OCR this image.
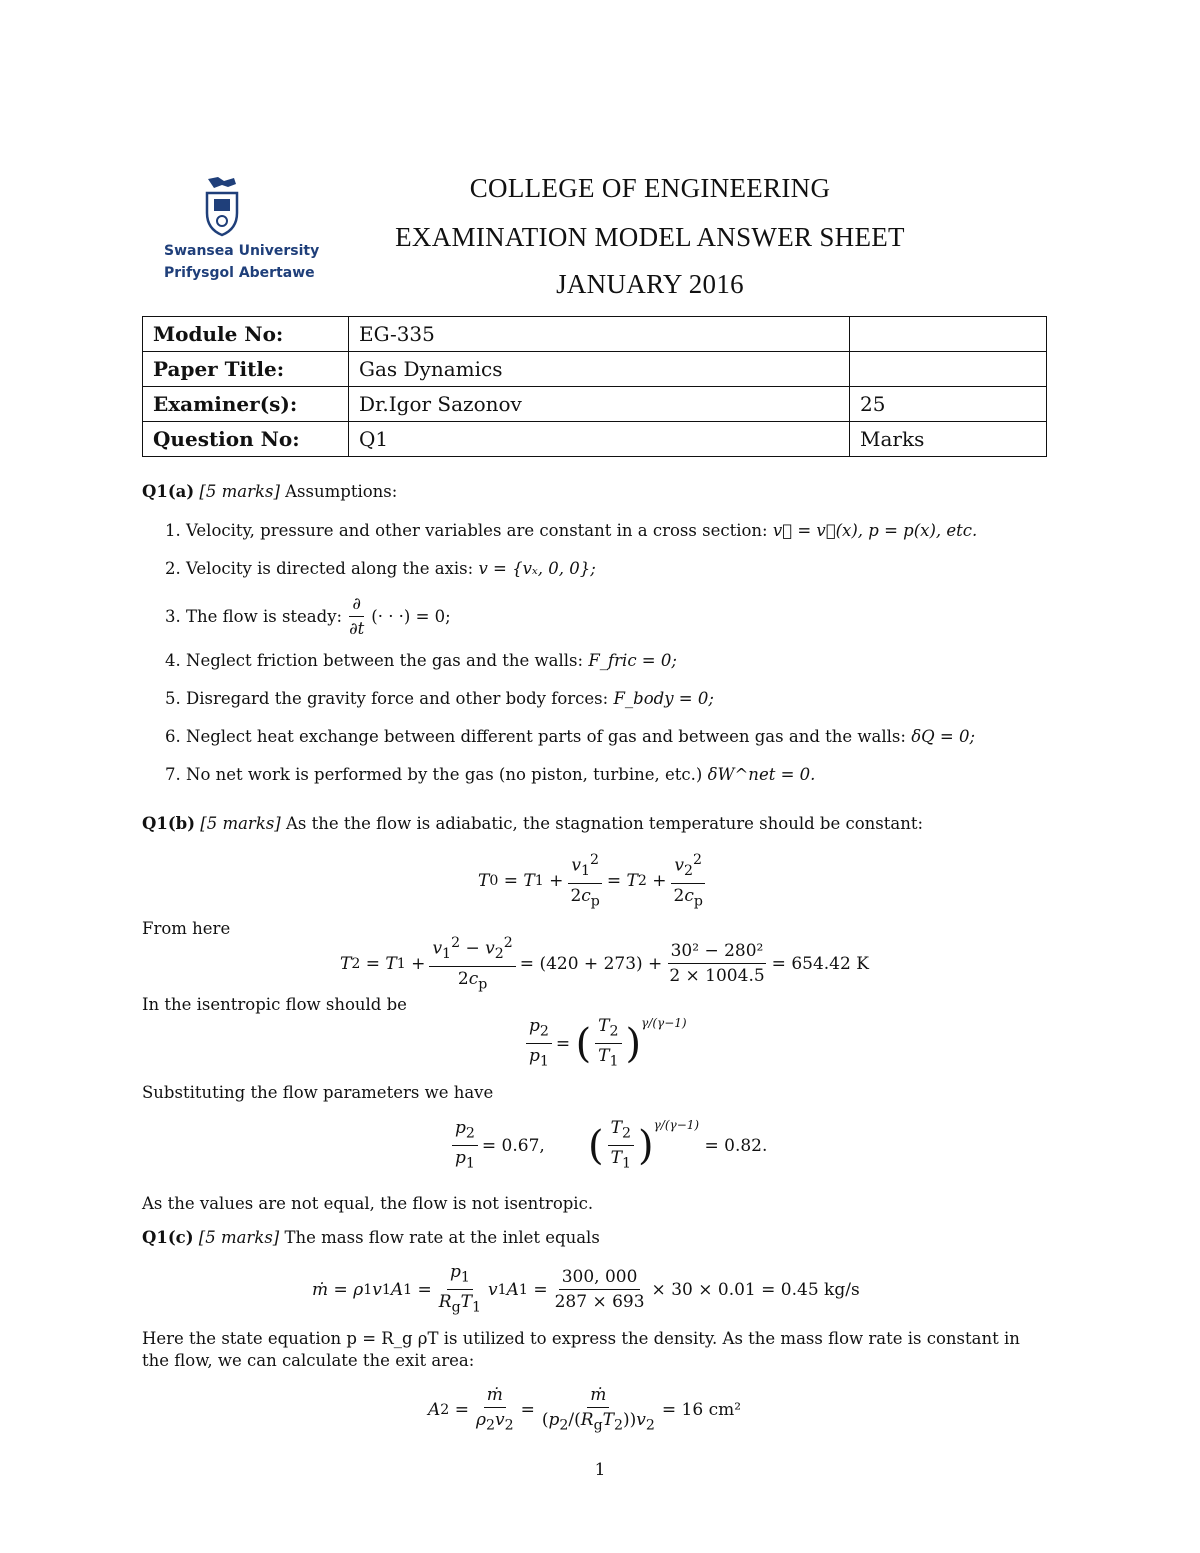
Swansea University
Prifysgol Abertawe
COLLEGE OF ENGINEERING
EXAMINATION MODEL ANSWER SHEET
JANUARY 2016
Module No:	EG-335	
Paper Title:	Gas Dynamics	
Examiner(s):	Dr.Igor Sazonov	25
Question No:	Q1	Marks
Q1(a) [5 marks] Assumptions:
1. Velocity, pressure and other variables are constant in a cross section: v⃗ = v⃗(x), p = p(x), etc.
2. Velocity is directed along the axis: v = {vₓ, 0, 0};
3.
The flow is steady: $\frac{\partial}{\partial t}$ (· · ·) = 0;
4. Neglect friction between the gas and the walls: F_fric = 0;
5. Disregard the gravity force and other body forces: F_body = 0;
6. Neglect heat exchange between different parts of gas and between gas and the walls: δQ = 0;
7. No net work is performed by the gas (no piston, turbine, etc.) δW^net = 0.
Q1(b) [5 marks] As the the flow is adiabatic, the stagnation temperature should be constant:
T 0 = T $1 + \frac{v_1^2}{2c_p} = T$ $2 + \frac{v_2^2}{2c_p}$
From here
T 2 = T $1 + \frac{v_1^2 - v_2^2}{2c_p} = (420 + 273) + \frac{\text{30² − 280²}}{2 \times 1004.5} = 654.42$ K
In the isentropic flow should be
$\frac{p_2}{p_1}$ = ( $\frac{T_2}{T_1} )^{\gamma/(\gamma-1)}$
Substituting the flow parameters we have
$\frac{p_2}{p_1} = 0.67$,
( $\frac{T_2}{T_1} )^{\gamma/(\gamma-1)}$

= 0.82.
As the values are not equal, the flow is not isentropic.
Q1(c) [5 marks] The mass flow rate at the inlet equals
ṁ = ρ 1 v 1 A $1 = \frac{p_1}{R_gT_1}$ v 1 A $1 = \frac{300, 000}{287 \times 693} \times 30 \times 0.01 = 0.45$ kg/s
Here the state equation p = R_g ρT is utilized to express the density. As the mass flow rate is constant in
the flow, we can calculate the exit area:
A $2 = \frac{\text{ṁ}}{\rho_2v_2} = \frac{\text{ṁ}}{(p_2/(R_gT_2))v_2} = 16$ cm²
1
